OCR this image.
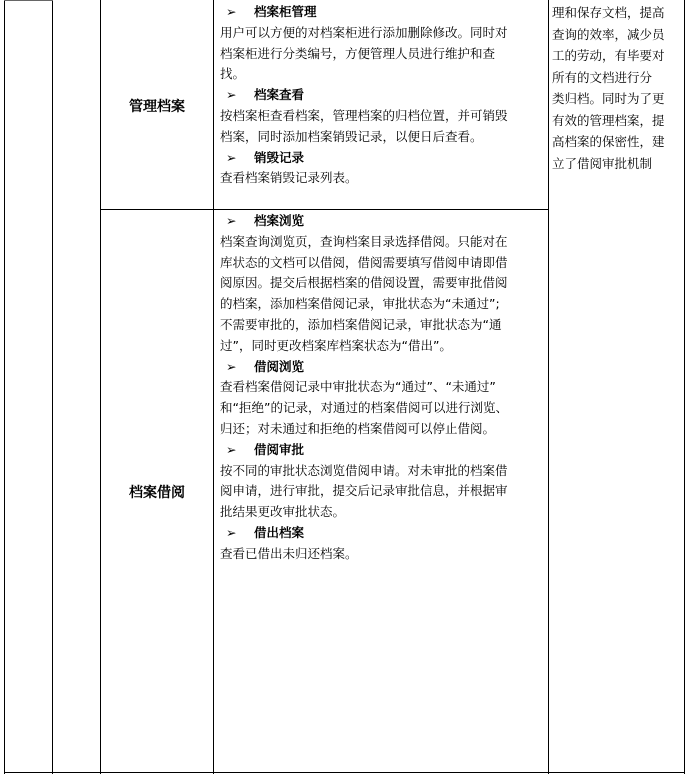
管理档案

➢ 档案柜管理

用户可以方便的对档案柜进行添加删除修改。同时对

档案柜进行分类编号，方便管理人员进行维护和查

找。

➢ 档案查看

按档案柜查看档案，管理档案的归档位置，并可销毁

档案，同时添加档案销毁记录，以便日后查看。

➢ 销毁记录

查看档案销毁记录列表。

档案借阅

➢ 档案浏览

档案查询浏览页，查询档案目录选择借阅。只能对在

库状态的文档可以借阅，借阅需要填写借阅申请即借

阅原因。提交后根据档案的借阅设置，需要审批借阅

的档案，添加档案借阅记录，审批状态为“未通过”;

不需要审批的，添加档案借阅记录，审批状态为“通

过”，同时更改档案库档案状态为“借出”。

➢ 借阅浏览

查看档案借阅记录中审批状态为“通过”、“未通过”

和“拒绝”的记录，对通过的档案借阅可以进行浏览、

归还；对未通过和拒绝的档案借阅可以停止借阅。

➢ 借阅审批

按不同的审批状态浏览借阅申请。对未审批的档案借

阅申请，进行审批，提交后记录审批信息，并根据审

批结果更改审批状态。

➢ 借出档案

查看已借出未归还档案。

理和保存文档，提高

查询的效率，减少员

工的劳动，有毕要对

所有的文档进行分

类归档。同时为了更

有效的管理档案，提

高档案的保密性，建

立了借阅审批机制
